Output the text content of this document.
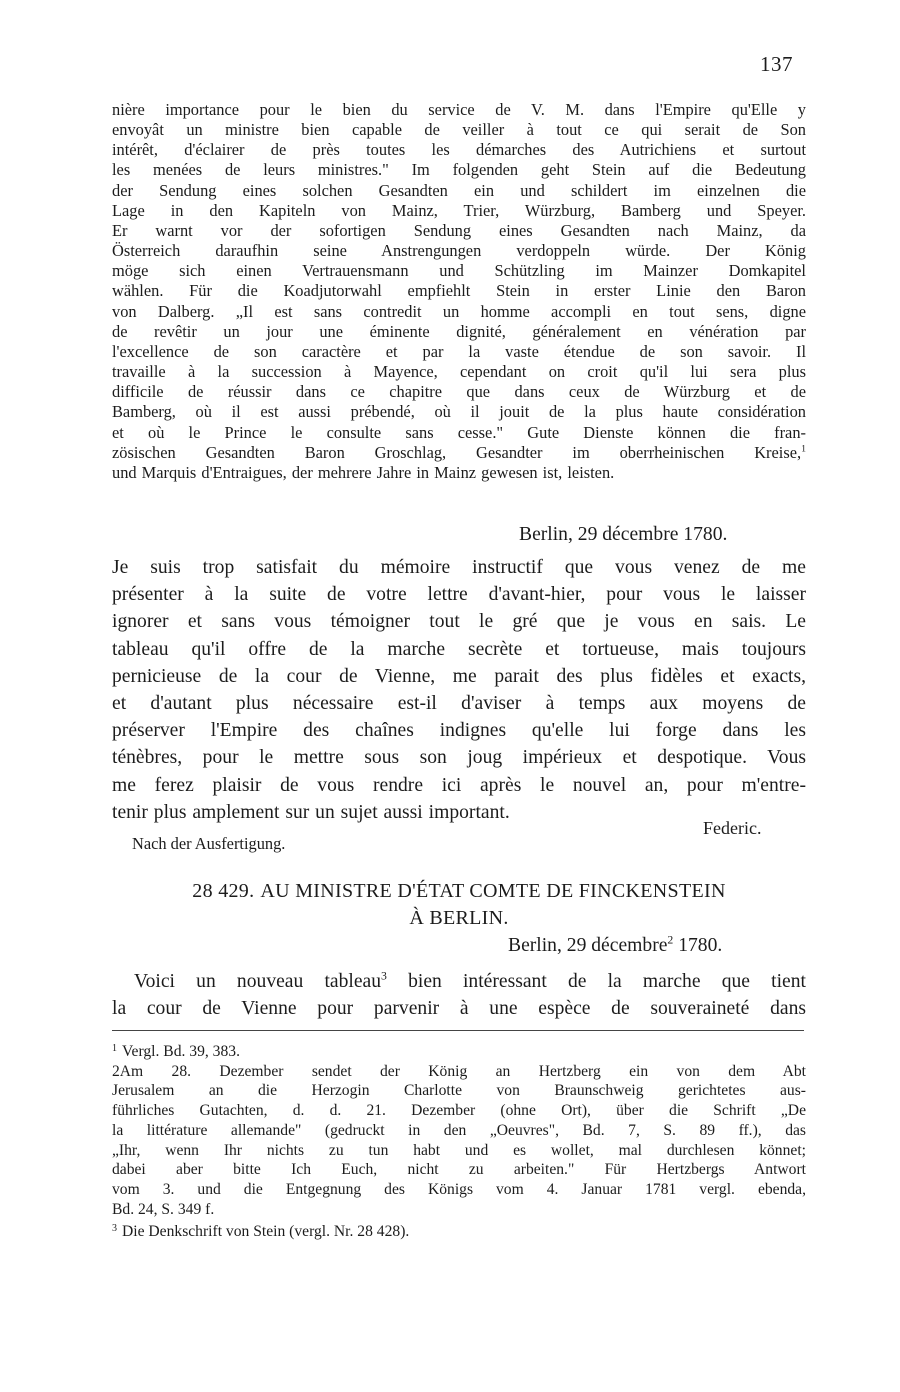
137
nière importance pour le bien du service de V. M. dans l'Empire qu'Elle y
envoyât un ministre bien capable de veiller à tout ce qui serait de Son
intérêt, d'éclairer de près toutes les démarches des Autrichiens et surtout
les menées de leurs ministres." Im folgenden geht Stein auf die Bedeutung
der Sendung eines solchen Gesandten ein und schildert im einzelnen die
Lage in den Kapiteln von Mainz, Trier, Würzburg, Bamberg und Speyer.
Er warnt vor der sofortigen Sendung eines Gesandten nach Mainz, da
Österreich daraufhin seine Anstrengungen verdoppeln würde. Der König
möge sich einen Vertrauensmann und Schützling im Mainzer Domkapitel
wählen. Für die Koadjutorwahl empfiehlt Stein in erster Linie den Baron
von Dalberg. „Il est sans contredit un homme accompli en tout sens, digne
de revêtir un jour une éminente dignité, généralement en vénération par
l'excellence de son caractère et par la vaste étendue de son savoir. Il
travaille à la succession à Mayence, cependant on croit qu'il lui sera plus
difficile de réussir dans ce chapitre que dans ceux de Würzburg et de
Bamberg, où il est aussi prébendé, où il jouit de la plus haute considération
et où le Prince le consulte sans cesse." Gute Dienste können die fran-
zösischen Gesandten Baron Groschlag, Gesandter im oberrheinischen Kreise,$^1$
und Marquis d'Entraigues, der mehrere Jahre in Mainz gewesen ist, leisten.
Berlin, 29 décembre 1780.
Je suis trop satisfait du mémoire instructif que vous venez de me
présenter à la suite de votre lettre d'avant-hier, pour vous le laisser
ignorer et sans vous témoigner tout le gré que je vous en sais. Le
tableau qu'il offre de la marche secrète et tortueuse, mais toujours
pernicieuse de la cour de Vienne, me parait des plus fidèles et exacts,
et d'autant plus nécessaire est-il d'aviser à temps aux moyens de
préserver l'Empire des chaînes indignes qu'elle lui forge dans les
ténèbres, pour le mettre sous son joug impérieux et despotique. Vous
me ferez plaisir de vous rendre ici après le nouvel an, pour m'entre-
tenir plus amplement sur un sujet aussi important.
Federic.
Nach der Ausfertigung.
28 429. AU MINISTRE D'ÉTAT COMTE DE FINCKENSTEIN
À BERLIN.
Berlin, 29 décembre$^2$ 1780.
Voici un nouveau tableau$^3$ bien intéressant de la marche que tient
la cour de Vienne pour parvenir à une espèce de souveraineté dans
$^1$ Vergl. Bd. 39, 383.
2Am 28. Dezember sendet der König an Hertzberg ein von dem Abt
Jerusalem an die Herzogin Charlotte von Braunschweig gerichtetes aus-
führliches Gutachten, d. d. 21. Dezember (ohne Ort), über die Schrift „De
la littérature allemande" (gedruckt in den „Oeuvres", Bd. 7, S. 89 ff.), das
„Ihr, wenn Ihr nichts zu tun habt und es wollet, mal durchlesen könnet;
dabei aber bitte Ich Euch, nicht zu arbeiten." Für Hertzbergs Antwort
vom 3. und die Entgegnung des Königs vom 4. Januar 1781 vergl. ebenda,
Bd. 24, S. 349 f.
$^3$ Die Denkschrift von Stein (vergl. Nr. 28 428).
